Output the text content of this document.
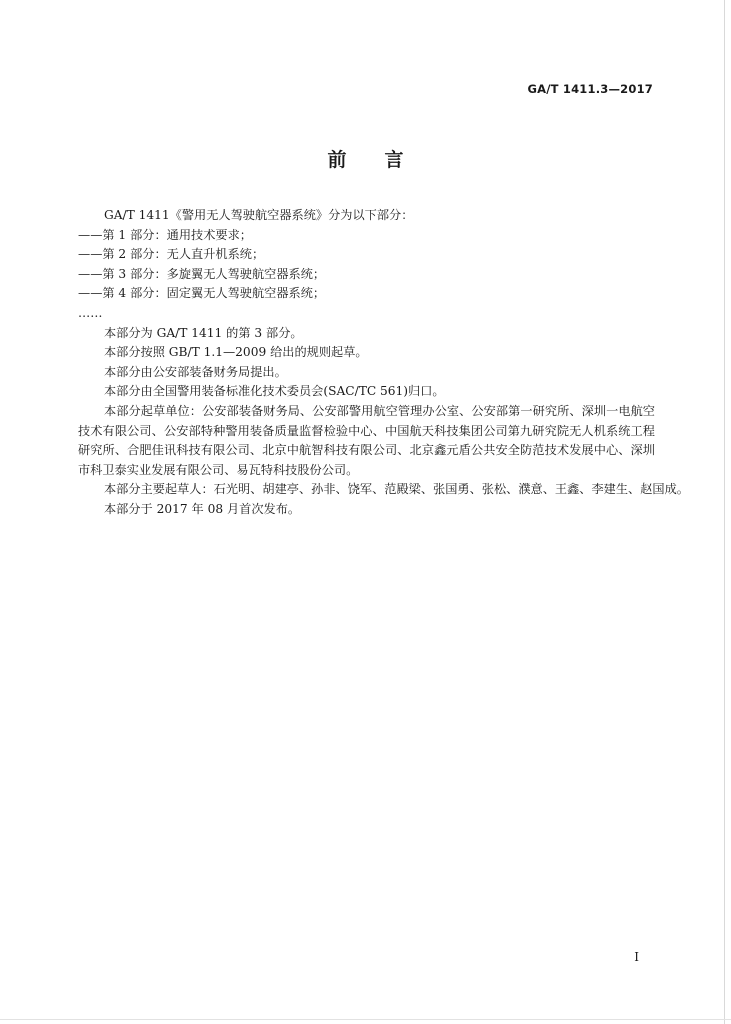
GA/T 1411.3—2017
前 言
GA/T 1411《警用无人驾驶航空器系统》分为以下部分：
——第 1 部分：通用技术要求；
——第 2 部分：无人直升机系统；
——第 3 部分：多旋翼无人驾驶航空器系统；
——第 4 部分：固定翼无人驾驶航空器系统；
……
本部分为 GA/T 1411 的第 3 部分。
本部分按照 GB/T 1.1—2009 给出的规则起草。
本部分由公安部装备财务局提出。
本部分由全国警用装备标准化技术委员会(SAC/TC 561)归口。
本部分起草单位：公安部装备财务局、公安部警用航空管理办公室、公安部第一研究所、深圳一电航空技术有限公司、公安部特种警用装备质量监督检验中心、中国航天科技集团公司第九研究院无人机系统工程研究所、合肥佳讯科技有限公司、北京中航智科技有限公司、北京鑫元盾公共安全防范技术发展中心、深圳市科卫泰实业发展有限公司、易瓦特科技股份公司。
本部分主要起草人：石光明、胡建亭、孙非、饶军、范殿梁、张国勇、张松、濮意、王鑫、李建生、赵国成。
本部分于 2017 年 08 月首次发布。
I
